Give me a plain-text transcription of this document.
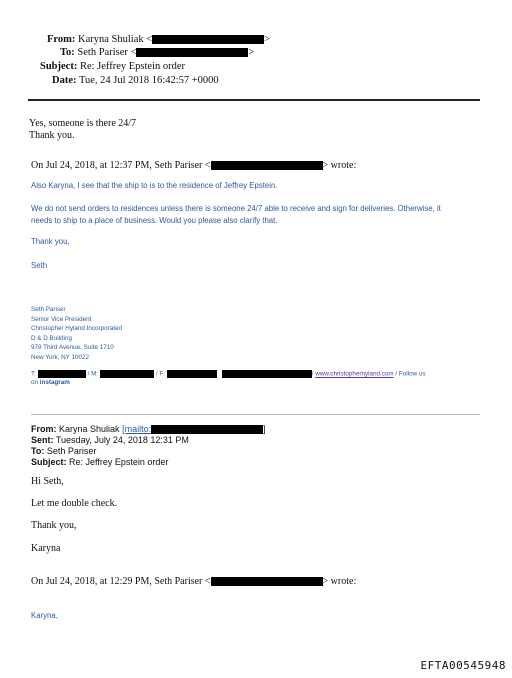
From: Karyna Shuliak <	>
To: Seth Pariser <	>
Subject: Re: Jeffrey Epstein order
Date: Tue, 24 Jul 2018 16:42:57 +0000
Yes, someone is there 24/7
Thank you.
On Jul 24, 2018, at 12:37 PM, Seth Pariser <	> wrote:
Also Karyna, I see that the ship to is to the residence of Jeffrey Epstein.
We do not send orders to residences unless there is someone 24/7 able to receive and sign for deliveries. Otherwise, it
needs to ship to a place of business. Would you please also clarify that.
Thank you,
Seth
Seth Pariser
Senior Vice President
Christopher Hyland Incorporated
D & D Building
979 Third Avenue, Suite 1710
New York, NY 10022
T:	/ M:	/ F:	/ www.christopherhyland.com / Follow us
on instagram
From: Karyna Shuliak [mailto:	]
Sent: Tuesday, July 24, 2018 12:31 PM
To: Seth Pariser
Subject: Re: Jeffrey Epstein order
Hi Seth,
Let me double check.
Thank you,
Karyna
On Jul 24, 2018, at 12:29 PM, Seth Pariser <	> wrote:
Karyna,
EFTA00545948
